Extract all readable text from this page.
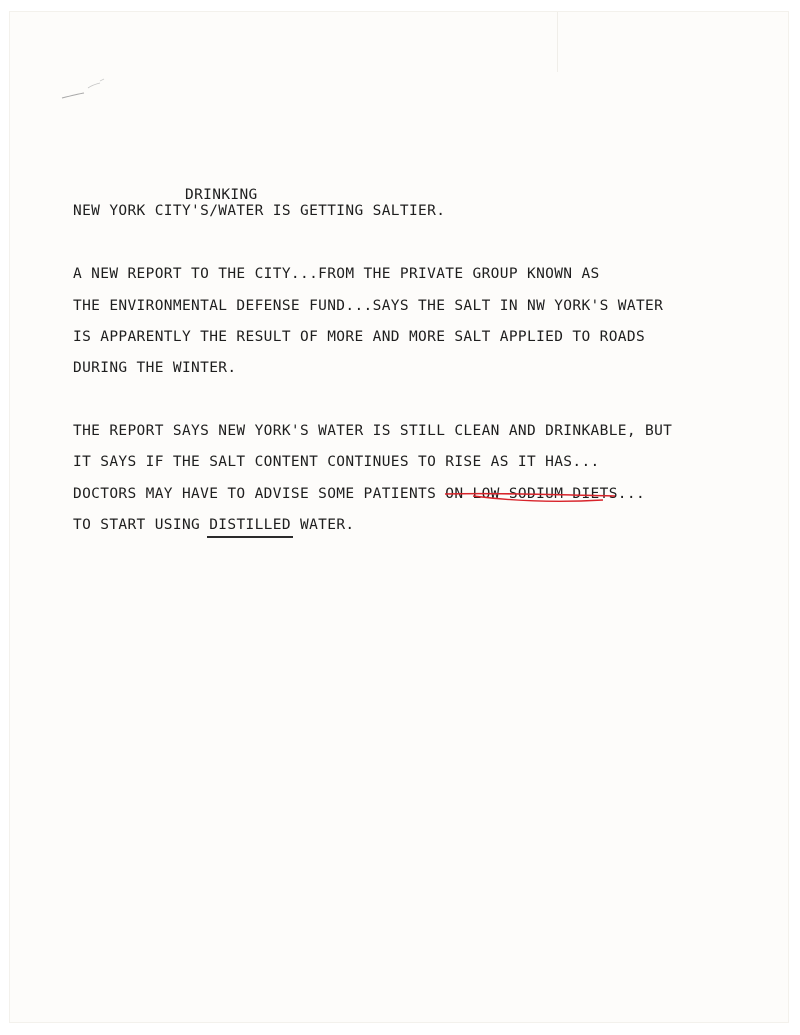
DRINKING
NEW YORK CITY'S/WATER IS GETTING SALTIER.
A NEW REPORT TO THE CITY...FROM THE PRIVATE GROUP KNOWN AS
THE ENVIRONMENTAL DEFENSE FUND...SAYS THE SALT IN NW YORK'S WATER
IS APPARENTLY THE RESULT OF MORE AND MORE SALT APPLIED TO ROADS
DURING THE WINTER.
THE REPORT SAYS NEW YORK'S WATER IS STILL CLEAN AND DRINKABLE, BUT
IT SAYS IF THE SALT CONTENT CONTINUES TO RISE AS IT HAS...
DOCTORS MAY HAVE TO ADVISE SOME PATIENTS ON LOW-SODIUM DIETS
...
TO START USING DISTILLED
WATER.
